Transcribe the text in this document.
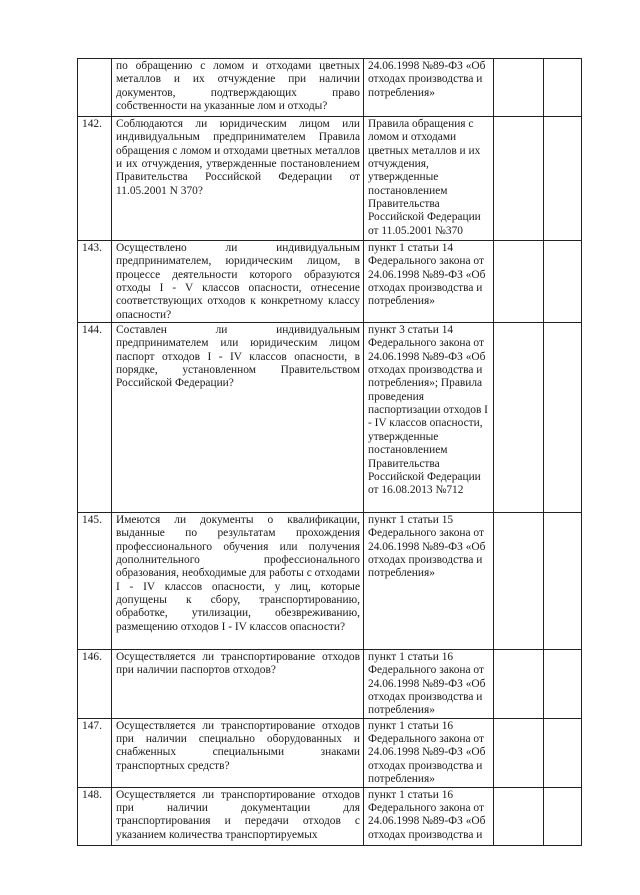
	по обращению с ломом и отходами цветных металлов и их отчуждение при наличии документов, подтверждающих право собственности на указанные лом и отходы?	24.06.1998 №89-ФЗ «Об отходах производства и потребления»		
142.	Соблюдаются ли юридическим лицом или индивидуальным предпринимателем Правила обращения с ломом и отходами цветных металлов и их отчуждения, утвержденные постановлением Правительства Российской Федерации от 11.05.2001 N 370?	Правила обращения с ломом и отходами цветных металлов и их отчуждения, утвержденные постановлением Правительства Российской Федерации от 11.05.2001 №370		
143.	Осуществлено ли индивидуальным предпринимателем, юридическим лицом, в процессе деятельности которого образуются отходы I - V классов опасности, отнесение соответствующих отходов к конкретному классу опасности?	пункт 1 статьи 14 Федерального закона от 24.06.1998 №89-ФЗ «Об отходах производства и потребления»		
144.	Составлен ли индивидуальным предпринимателем или юридическим лицом паспорт отходов I - IV классов опасности, в порядке, установленном Правительством Российской Федерации?	пункт 3 статьи 14 Федерального закона от 24.06.1998 №89-ФЗ «Об отходах производства и потребления»; Правила проведения паспортизации отходов I - IV классов опасности, утвержденные постановлением Правительства Российской Федерации от 16.08.2013 №712		
145.	Имеются ли документы о квалификации, выданные по результатам прохождения профессионального обучения или получения дополнительного профессионального образования, необходимые для работы с отходами I - IV классов опасности, у лиц, которые допущены к сбору, транспортированию, обработке, утилизации, обезвреживанию, размещению отходов I - IV классов опасности?	пункт 1 статьи 15 Федерального закона от 24.06.1998 №89-ФЗ «Об отходах производства и потребления»		
146.	Осуществляется ли транспортирование отходов при наличии паспортов отходов?	пункт 1 статьи 16 Федерального закона от 24.06.1998 №89-ФЗ «Об отходах производства и потребления»		
147.	Осуществляется ли транспортирование отходов при наличии специально оборудованных и снабженных специальными знаками транспортных средств?	пункт 1 статьи 16 Федерального закона от 24.06.1998 №89-ФЗ «Об отходах производства и потребления»		
148.	Осуществляется ли транспортирование отходов при наличии документации для транспортирования и передачи отходов с указанием количества транспортируемых	пункт 1 статьи 16 Федерального закона от 24.06.1998 №89-ФЗ «Об отходах производства и		
